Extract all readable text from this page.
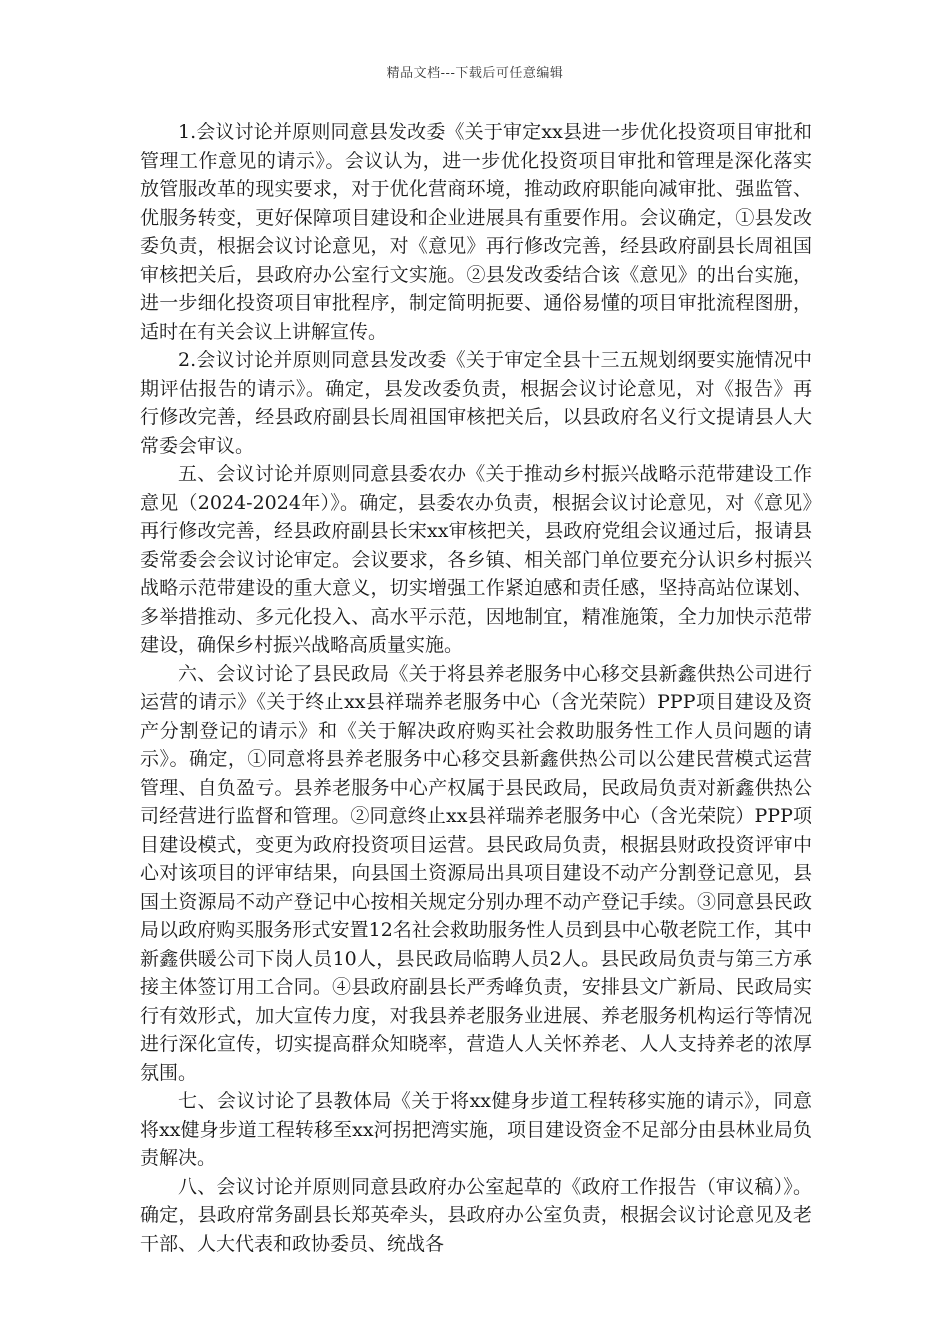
精品文档---下载后可任意编辑

1.会议讨论并原则同意县发改委《关于审定xx县进一步优化投资项目审批和管理工作意见的请示》。会议认为，进一步优化投资项目审批和管理是深化落实放管服改革的现实要求，对于优化营商环境，推动政府职能向减审批、强监管、优服务转变，更好保障项目建设和企业进展具有重要作用。会议确定，①县发改委负责，根据会议讨论意见，对《意见》再行修改完善，经县政府副县长周祖国审核把关后，县政府办公室行文实施。②县发改委结合该《意见》的出台实施，进一步细化投资项目审批程序，制定简明扼要、通俗易懂的项目审批流程图册，适时在有关会议上讲解宣传。

2.会议讨论并原则同意县发改委《关于审定全县十三五规划纲要实施情况中期评估报告的请示》。确定，县发改委负责，根据会议讨论意见，对《报告》再行修改完善，经县政府副县长周祖国审核把关后，以县政府名义行文提请县人大常委会审议。

五、会议讨论并原则同意县委农办《关于推动乡村振兴战略示范带建设工作意见（2024-2024年）》。确定，县委农办负责，根据会议讨论意见，对《意见》再行修改完善，经县政府副县长宋xx审核把关，县政府党组会议通过后，报请县委常委会会议讨论审定。会议要求，各乡镇、相关部门单位要充分认识乡村振兴战略示范带建设的重大意义，切实增强工作紧迫感和责任感，坚持高站位谋划、多举措推动、多元化投入、高水平示范，因地制宜，精准施策，全力加快示范带建设，确保乡村振兴战略高质量实施。

六、会议讨论了县民政局《关于将县养老服务中心移交县新鑫供热公司进行运营的请示》《关于终止xx县祥瑞养老服务中心（含光荣院）PPP项目建设及资产分割登记的请示》和《关于解决政府购买社会救助服务性工作人员问题的请示》。确定，①同意将县养老服务中心移交县新鑫供热公司以公建民营模式运营管理、自负盈亏。县养老服务中心产权属于县民政局，民政局负责对新鑫供热公司经营进行监督和管理。②同意终止xx县祥瑞养老服务中心（含光荣院）PPP项目建设模式，变更为政府投资项目运营。县民政局负责，根据县财政投资评审中心对该项目的评审结果，向县国土资源局出具项目建设不动产分割登记意见，县国土资源局不动产登记中心按相关规定分别办理不动产登记手续。③同意县民政局以政府购买服务形式安置12名社会救助服务性人员到县中心敬老院工作，其中新鑫供暖公司下岗人员10人，县民政局临聘人员2人。县民政局负责与第三方承接主体签订用工合同。④县政府副县长严秀峰负责，安排县文广新局、民政局实行有效形式，加大宣传力度，对我县养老服务业进展、养老服务机构运行等情况进行深化宣传，切实提高群众知晓率，营造人人关怀养老、人人支持养老的浓厚氛围。

七、会议讨论了县教体局《关于将xx健身步道工程转移实施的请示》，同意将xx健身步道工程转移至xx河拐把湾实施，项目建设资金不足部分由县林业局负责解决。

八、会议讨论并原则同意县政府办公室起草的《政府工作报告（审议稿）》。确定，县政府常务副县长郑英牵头，县政府办公室负责，根据会议讨论意见及老干部、人大代表和政协委员、统战各
